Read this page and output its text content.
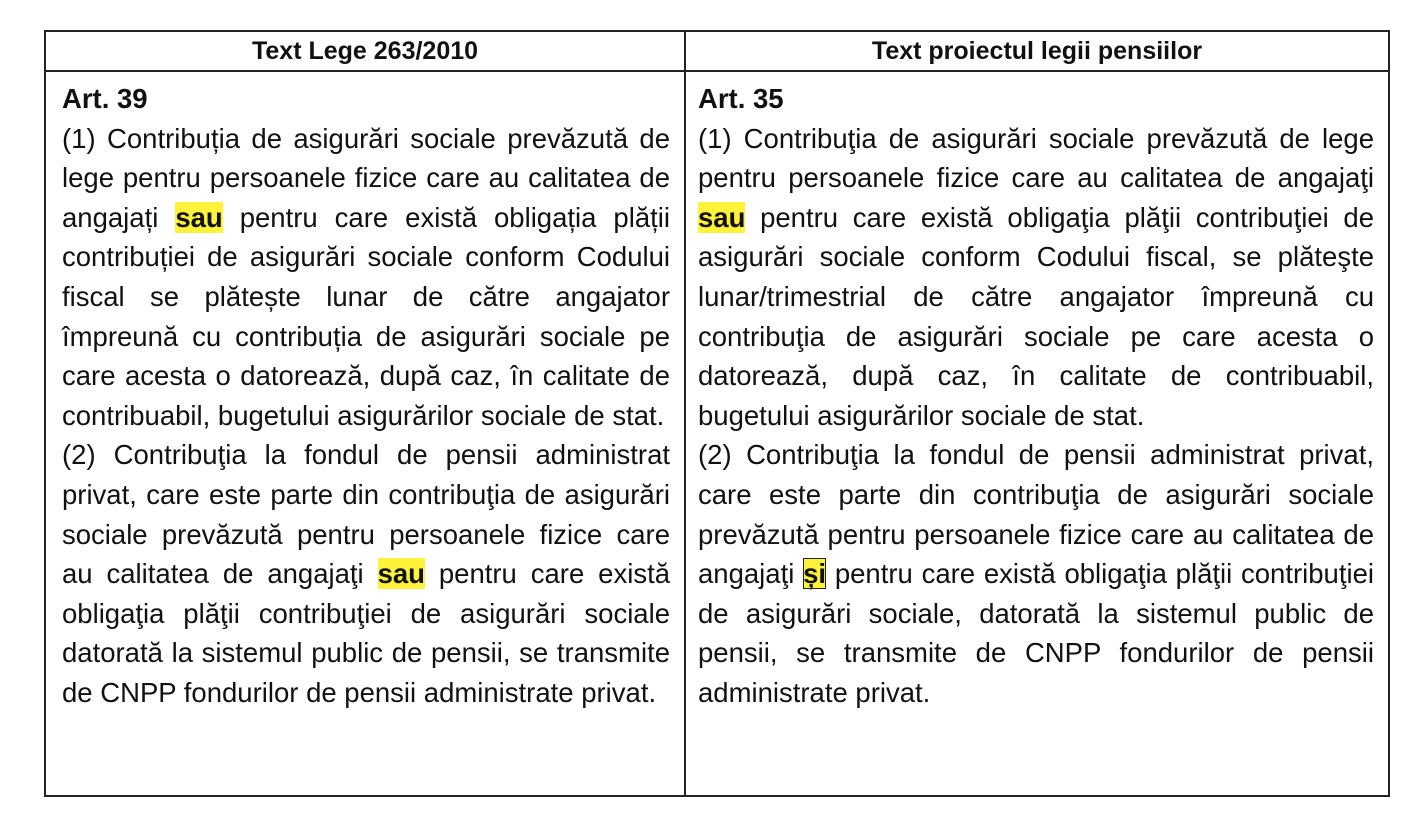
Text Lege 263/2010	Text proiectul legii pensiilor
Art. 39
(1) Contribuția de asigurări sociale prevăzută de lege pentru persoanele fizice care au calitatea de angajați sau pentru care există obligația plății contribuției de asigurări sociale conform Codului fiscal se plătește lunar de către angajator împreună cu contribuția de asigurări sociale pe care acesta o datorează, după caz, în calitate de contribuabil, bugetului asigurărilor sociale de stat.
(2) Contribuţia la fondul de pensii administrat privat, care este parte din contribuţia de asigurări sociale prevăzută pentru persoanele fizice care au calitatea de angajaţi sau pentru care există obligaţia plăţii contribuţiei de asigurări sociale datorată la sistemul public de pensii, se transmite de CNPP fondurilor de pensii administrate privat.
Art. 35
(1) Contribuţia de asigurări sociale prevăzută de lege pentru persoanele fizice care au calitatea de angajaţi sau pentru care există obligaţia plăţii contribuţiei de asigurări sociale conform Codului fiscal, se plăteşte lunar/trimestrial de către angajator împreună cu contribuţia de asigurări sociale pe care acesta o datorează, după caz, în calitate de contribuabil, bugetului asigurărilor sociale de stat.
(2) Contribuţia la fondul de pensii administrat privat, care este parte din contribuţia de asigurări sociale prevăzută pentru persoanele fizice care au calitatea de angajaţi și pentru care există obligaţia plăţii contribuţiei de asigurări sociale, datorată la sistemul public de pensii, se transmite de CNPP fondurilor de pensii administrate privat.
